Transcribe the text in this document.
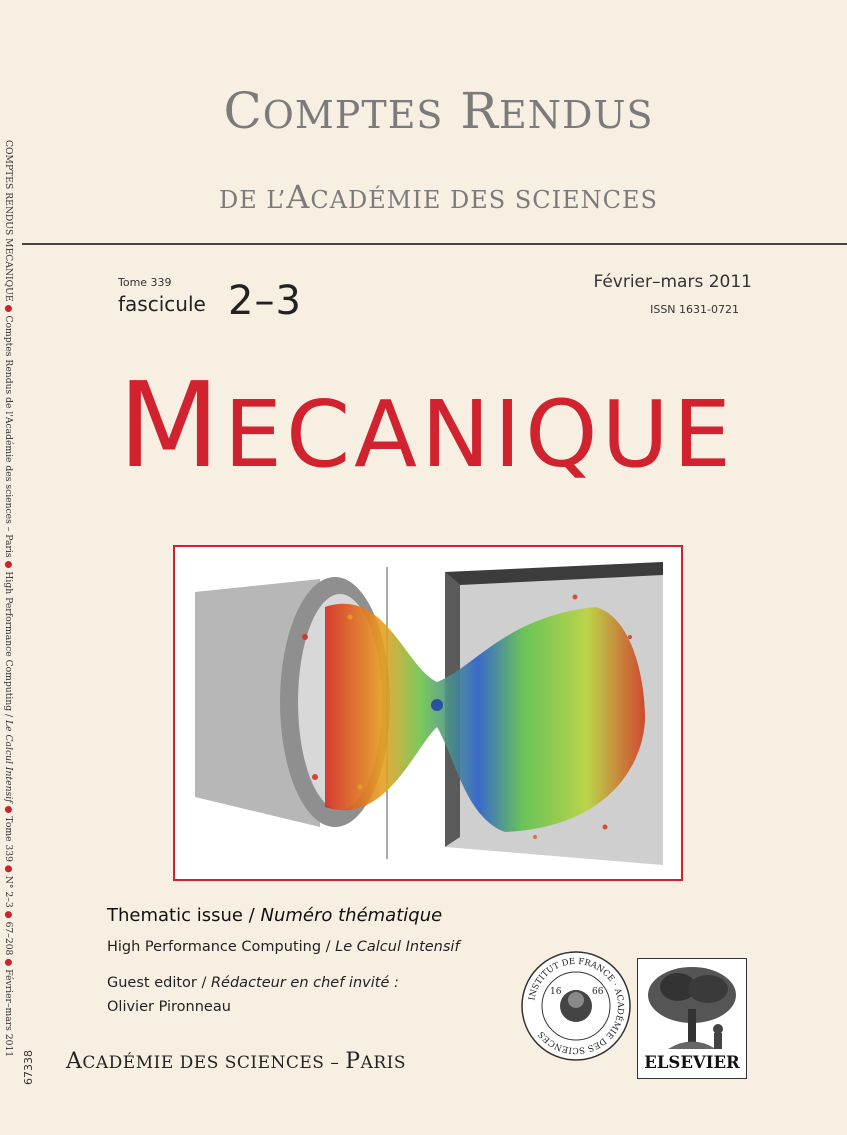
COMPTES RENDUS MECANIQUE ● Comptes Rendus de l'Académie des sciences – Paris ● High Performance Computing / Le Calcul Intensif ● Tome 339 ● N° 2–3 ● 67–208 ● Février–mars 2011
COMPTES RENDUS
DE L’ACADÉMIE DES SCIENCES
Tome 339
fascicule 2–3	Février–mars 2011
ISSN 1631-0721
MECANIQUE
Thematic issue / Numéro thématique
High Performance Computing / Le Calcul Intensif
Guest editor / Rédacteur en chef invité :
Olivier Pironneau
INSTITUT DE FRANCE · ACADÉMIE DES SCIENCES
16	66
ELSEVIER
67338 ACADÉMIE DES SCIENCES – PARIS
